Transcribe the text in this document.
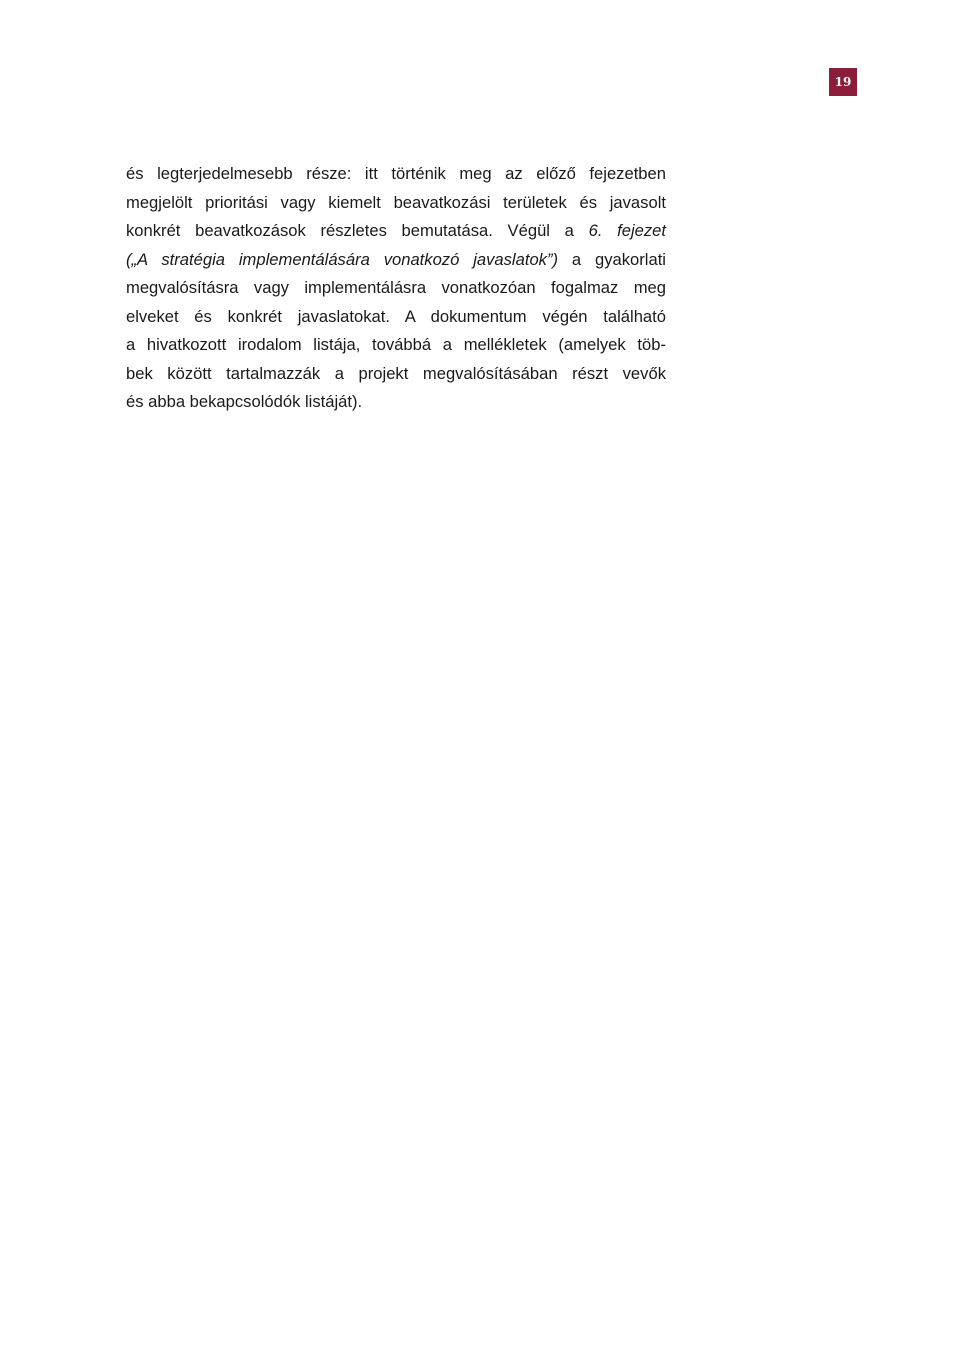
19
és legterjedelmesebb része: itt történik meg az előző fejezetben
megjelölt prioritási vagy kiemelt beavatkozási területek és javasolt
konkrét beavatkozások részletes bemutatása. Végül a 6. fejezet
(„A stratégia implementálására vonatkozó javaslatok”) a gyakorlati
megvalósításra vagy implementálásra vonatkozóan fogalmaz meg
elveket és konkrét javaslatokat. A dokumentum végén található
a hivatkozott irodalom listája, továbbá a mellékletek (amelyek töb-
bek között tartalmazzák a projekt megvalósításában részt vevők
és abba bekapcsolódók listáját).
